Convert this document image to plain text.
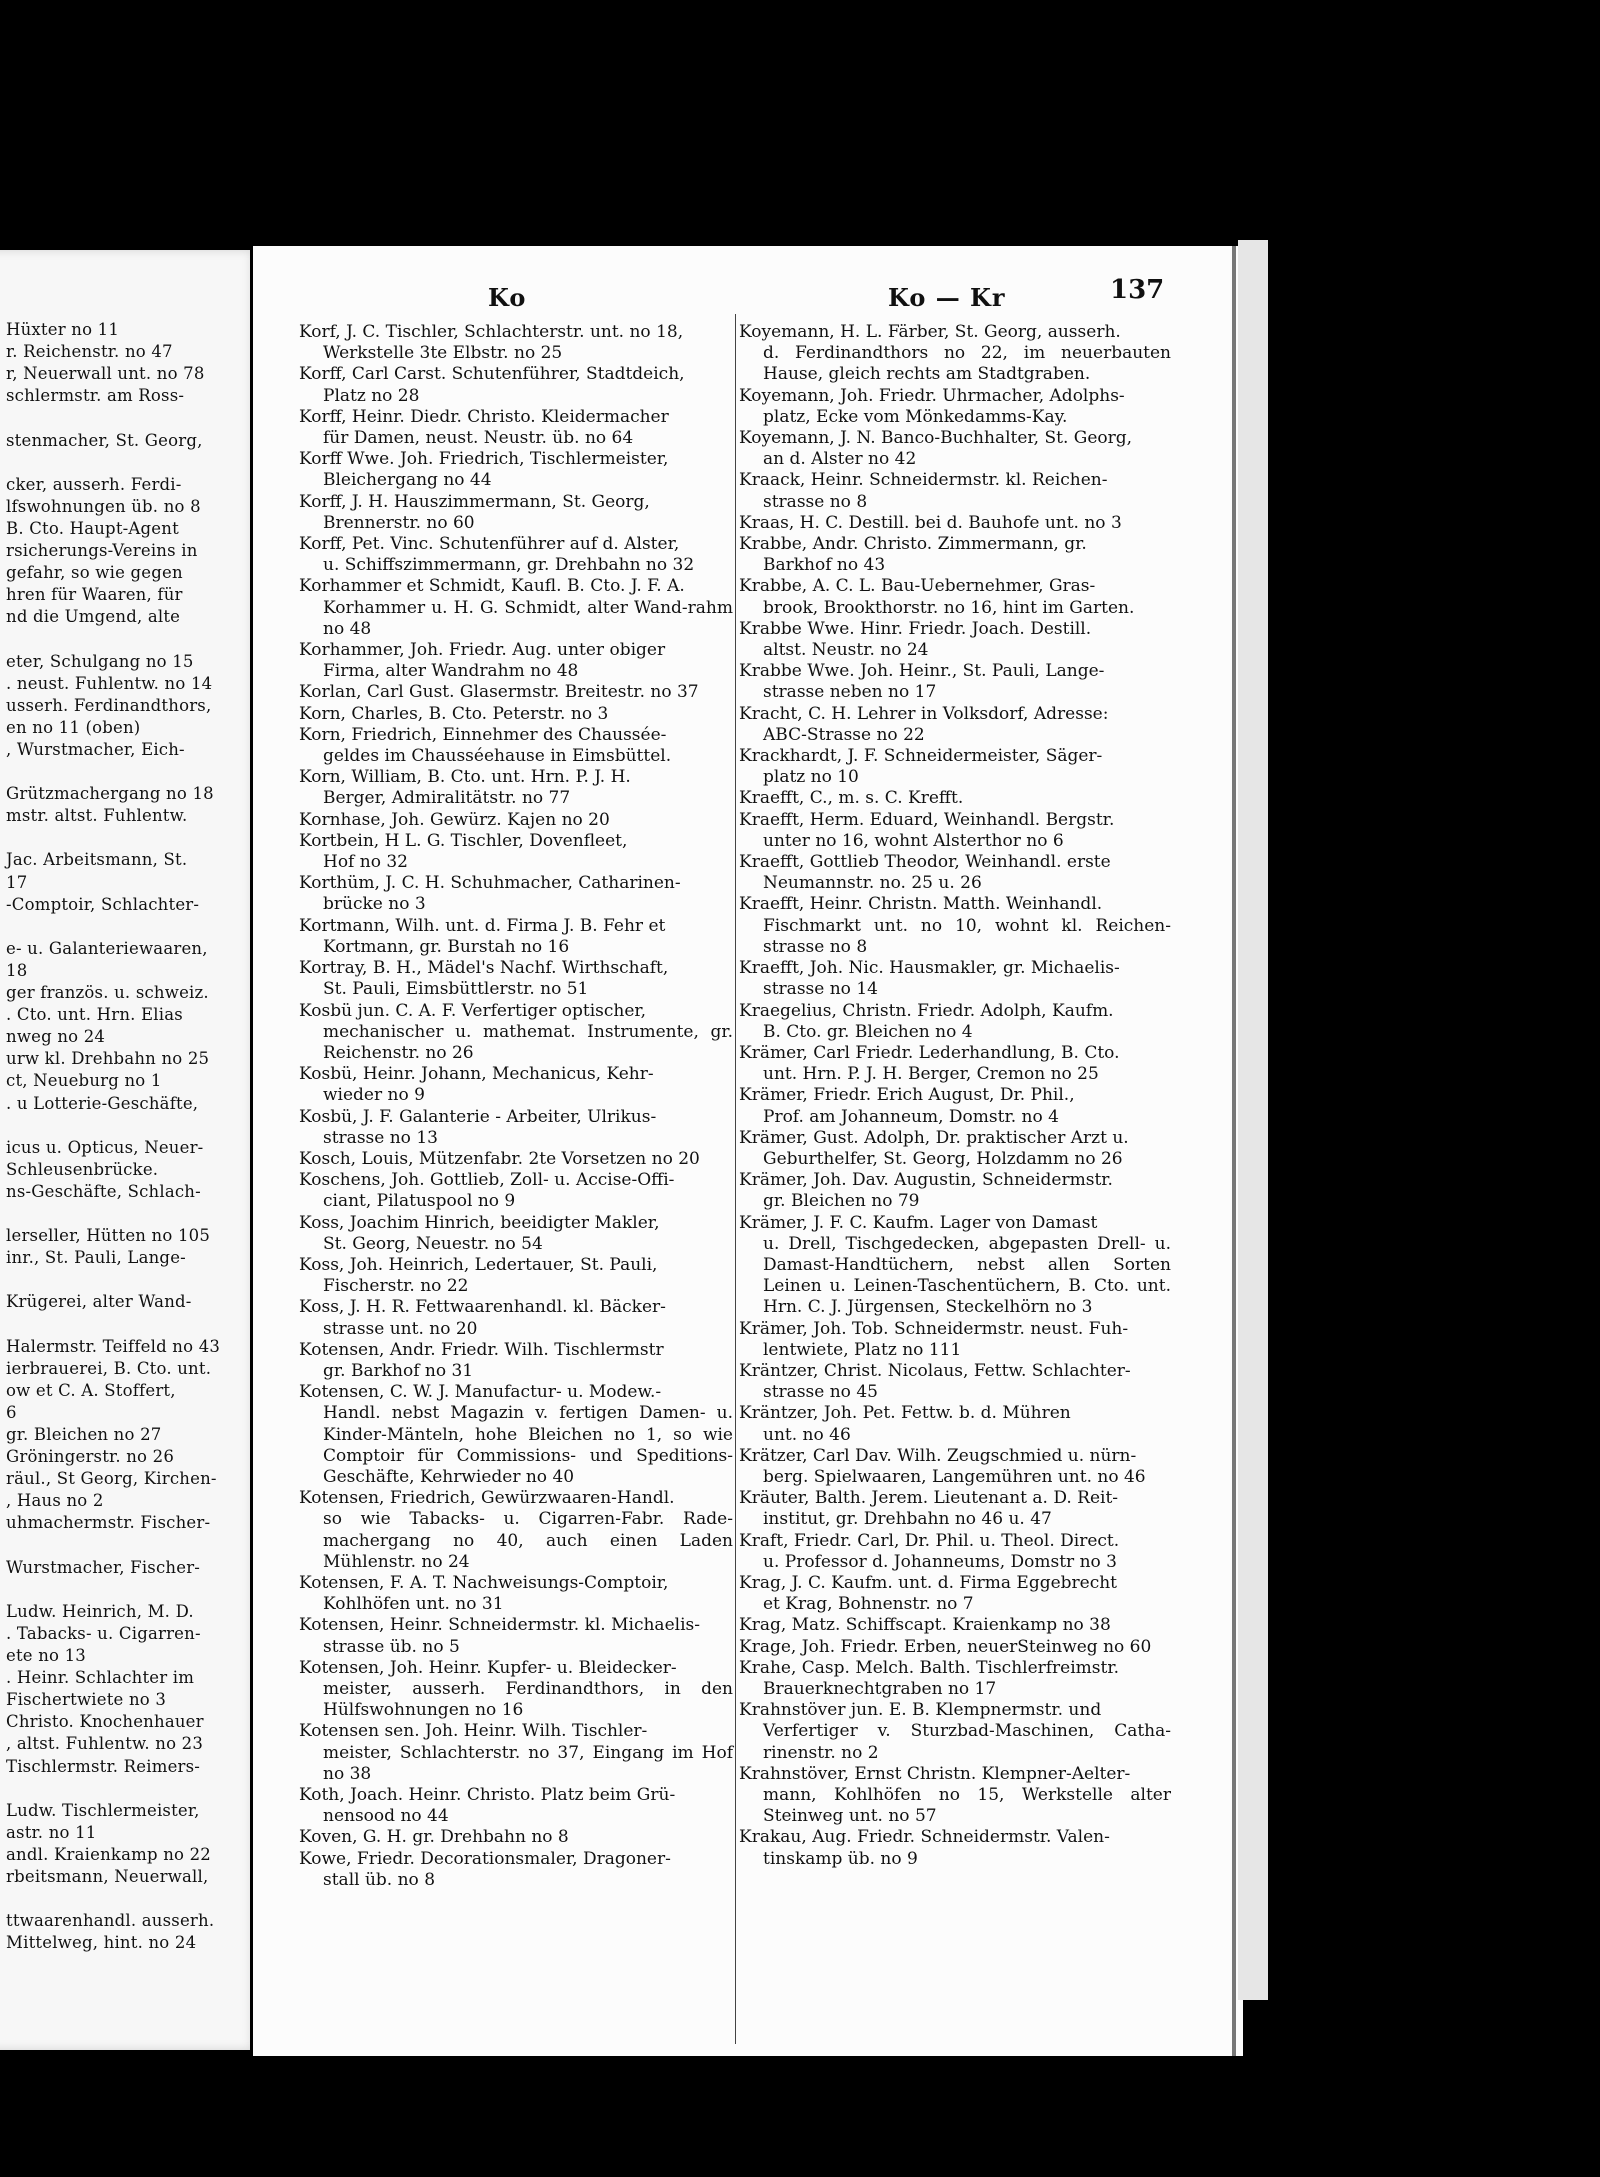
Hüxter no 11
r. Reichenstr. no 47
r, Neuerwall unt. no 78
schlermstr. am Ross-
stenmacher, St. Georg,
cker, ausserh. Ferdi-
lfswohnungen üb. no 8
B. Cto. Haupt-Agent
rsicherungs-Vereins in
gefahr, so wie gegen
hren für Waaren, für
nd die Umgend, alte
eter, Schulgang no 15
. neust. Fuhlentw. no 14
usserh. Ferdinandthors,
en no 11 (oben)
, Wurstmacher, Eich-
Grützmachergang no 18
mstr. altst. Fuhlentw.
Jac. Arbeitsmann, St.
17
-Comptoir, Schlachter-
e- u. Galanteriewaaren,
18
ger französ. u. schweiz.
. Cto. unt. Hrn. Elias
nweg no 24
urw kl. Drehbahn no 25
ct, Neueburg no 1
. u Lotterie-Geschäfte,
icus u. Opticus, Neuer-
Schleusenbrücke.
ns-Geschäfte, Schlach-
lerseller, Hütten no 105
inr., St. Pauli, Lange-
Krügerei, alter Wand-
Halermstr. Teiffeld no 43
ierbrauerei, B. Cto. unt.
ow et C. A. Stoffert,
6
gr. Bleichen no 27
Gröningerstr. no 26
räul., St Georg, Kirchen-
, Haus no 2
uhmachermstr. Fischer-
Wurstmacher, Fischer-
Ludw. Heinrich, M. D.
. Tabacks- u. Cigarren-
ete no 13
. Heinr. Schlachter im
Fischertwiete no 3
Christo. Knochenhauer
, altst. Fuhlentw. no 23
Tischlermstr. Reimers-
Ludw. Tischlermeister,
astr. no 11
andl. Kraienkamp no 22
rbeitsmann, Neuerwall,
ttwaarenhandl. ausserh.
Mittelweg, hint. no 24
Ko	Ko — Kr	137

Korf, J. C. Tischler, Schlachterstr. unt. no 18,
Werkstelle 3te Elbstr. no 25

Korff, Carl Carst. Schutenführer, Stadtdeich,
Platz no 28

Korff, Heinr. Diedr. Christo. Kleidermacher
für Damen, neust. Neustr. üb. no 64

Korff Wwe. Joh. Friedrich, Tischlermeister,
Bleichergang no 44

Korff, J. H. Hauszimmermann, St. Georg,
Brennerstr. no 60

Korff, Pet. Vinc. Schutenführer auf d. Alster,
u. Schiffszimmermann, gr. Drehbahn no 32

Korhammer et Schmidt, Kaufl. B. Cto. J. F. A.
Korhammer u. H. G. Schmidt, alter Wand-rahm no 48

Korhammer, Joh. Friedr. Aug. unter obiger
Firma, alter Wandrahm no 48

Korlan, Carl Gust. Glasermstr. Breitestr. no 37

Korn, Charles, B. Cto. Peterstr. no 3

Korn, Friedrich, Einnehmer des Chaussée-
geldes im Chausséehause in Eimsbüttel.

Korn, William, B. Cto. unt. Hrn. P. J. H.
Berger, Admiralitätstr. no 77

Kornhase, Joh. Gewürz. Kajen no 20

Kortbein, H L. G. Tischler, Dovenfleet,
Hof no 32

Korthüm, J. C. H. Schuhmacher, Catharinen-
brücke no 3

Kortmann, Wilh. unt. d. Firma J. B. Fehr et
Kortmann, gr. Burstah no 16

Kortray, B. H., Mädel's Nachf. Wirthschaft,
St. Pauli, Eimsbüttlerstr. no 51

Kosbü jun. C. A. F. Verfertiger optischer,
mechanischer u. mathemat. Instrumente, gr. Reichenstr. no 26

Kosbü, Heinr. Johann, Mechanicus, Kehr-
wieder no 9

Kosbü, J. F. Galanterie - Arbeiter, Ulrikus-
strasse no 13

Kosch, Louis, Mützenfabr. 2te Vorsetzen no 20

Koschens, Joh. Gottlieb, Zoll- u. Accise-Offi-
ciant, Pilatuspool no 9

Koss, Joachim Hinrich, beeidigter Makler,
St. Georg, Neuestr. no 54

Koss, Joh. Heinrich, Ledertauer, St. Pauli,
Fischerstr. no 22

Koss, J. H. R. Fettwaarenhandl. kl. Bäcker-
strasse unt. no 20

Kotensen, Andr. Friedr. Wilh. Tischlermstr
gr. Barkhof no 31

Kotensen, C. W. J. Manufactur- u. Modew.-
Handl. nebst Magazin v. fertigen Damen- u. Kinder-Mänteln, hohe Bleichen no 1, so wie Comptoir für Commissions- und Speditions-Geschäfte, Kehrwieder no 40

Kotensen, Friedrich, Gewürzwaaren-Handl.
so wie Tabacks- u. Cigarren-Fabr. Rade-machergang no 40, auch einen Laden Mühlenstr. no 24

Kotensen, F. A. T. Nachweisungs-Comptoir,
Kohlhöfen unt. no 31

Kotensen, Heinr. Schneidermstr. kl. Michaelis-
strasse üb. no 5

Kotensen, Joh. Heinr. Kupfer- u. Bleidecker-
meister, ausserh. Ferdinandthors, in den Hülfswohnungen no 16

Kotensen sen. Joh. Heinr. Wilh. Tischler-
meister, Schlachterstr. no 37, Eingang im Hof no 38

Koth, Joach. Heinr. Christo. Platz beim Grü-
nensood no 44

Koven, G. H. gr. Drehbahn no 8

Kowe, Friedr. Decorationsmaler, Dragoner-
stall üb. no 8

Koyemann, H. L. Färber, St. Georg, ausserh.
d. Ferdinandthors no 22, im neuerbauten Hause, gleich rechts am Stadtgraben.

Koyemann, Joh. Friedr. Uhrmacher, Adolphs-
platz, Ecke vom Mönkedamms-Kay.

Koyemann, J. N. Banco-Buchhalter, St. Georg,
an d. Alster no 42

Kraack, Heinr. Schneidermstr. kl. Reichen-
strasse no 8

Kraas, H. C. Destill. bei d. Bauhofe unt. no 3

Krabbe, Andr. Christo. Zimmermann, gr.
Barkhof no 43

Krabbe, A. C. L. Bau-Uebernehmer, Gras-
brook, Brookthorstr. no 16, hint im Garten.

Krabbe Wwe. Hinr. Friedr. Joach. Destill.
altst. Neustr. no 24

Krabbe Wwe. Joh. Heinr., St. Pauli, Lange-
strasse neben no 17

Kracht, C. H. Lehrer in Volksdorf, Adresse:
ABC-Strasse no 22

Krackhardt, J. F. Schneidermeister, Säger-
platz no 10

Kraefft, C., m. s. C. Krefft.

Kraefft, Herm. Eduard, Weinhandl. Bergstr.
unter no 16, wohnt Alsterthor no 6

Kraefft, Gottlieb Theodor, Weinhandl. erste
Neumannstr. no. 25 u. 26

Kraefft, Heinr. Christn. Matth. Weinhandl.
Fischmarkt unt. no 10, wohnt kl. Reichen-strasse no 8

Kraefft, Joh. Nic. Hausmakler, gr. Michaelis-
strasse no 14

Kraegelius, Christn. Friedr. Adolph, Kaufm.
B. Cto. gr. Bleichen no 4

Krämer, Carl Friedr. Lederhandlung, B. Cto.
unt. Hrn. P. J. H. Berger, Cremon no 25

Krämer, Friedr. Erich August, Dr. Phil.,
Prof. am Johanneum, Domstr. no 4

Krämer, Gust. Adolph, Dr. praktischer Arzt u.
Geburthelfer, St. Georg, Holzdamm no 26

Krämer, Joh. Dav. Augustin, Schneidermstr.
gr. Bleichen no 79

Krämer, J. F. C. Kaufm. Lager von Damast
u. Drell, Tischgedecken, abgepasten Drell- u. Damast-Handtüchern, nebst allen Sorten Leinen u. Leinen-Taschentüchern, B. Cto. unt. Hrn. C. J. Jürgensen, Steckelhörn no 3

Krämer, Joh. Tob. Schneidermstr. neust. Fuh-
lentwiete, Platz no 111

Kräntzer, Christ. Nicolaus, Fettw. Schlachter-
strasse no 45

Kräntzer, Joh. Pet. Fettw. b. d. Mühren
unt. no 46

Krätzer, Carl Dav. Wilh. Zeugschmied u. nürn-
berg. Spielwaaren, Langemühren unt. no 46

Kräuter, Balth. Jerem. Lieutenant a. D. Reit-
institut, gr. Drehbahn no 46 u. 47

Kraft, Friedr. Carl, Dr. Phil. u. Theol. Direct.
u. Professor d. Johanneums, Domstr no 3

Krag, J. C. Kaufm. unt. d. Firma Eggebrecht
et Krag, Bohnenstr. no 7

Krag, Matz. Schiffscapt. Kraienkamp no 38

Krage, Joh. Friedr. Erben, neuerSteinweg no 60

Krahe, Casp. Melch. Balth. Tischlerfreimstr.
Brauerknechtgraben no 17

Krahnstöver jun. E. B. Klempnermstr. und
Verfertiger v. Sturzbad-Maschinen, Catha-rinenstr. no 2

Krahnstöver, Ernst Christn. Klempner-Aelter-
mann, Kohlhöfen no 15, Werkstelle alter Steinweg unt. no 57

Krakau, Aug. Friedr. Schneidermstr. Valen-
tinskamp üb. no 9
